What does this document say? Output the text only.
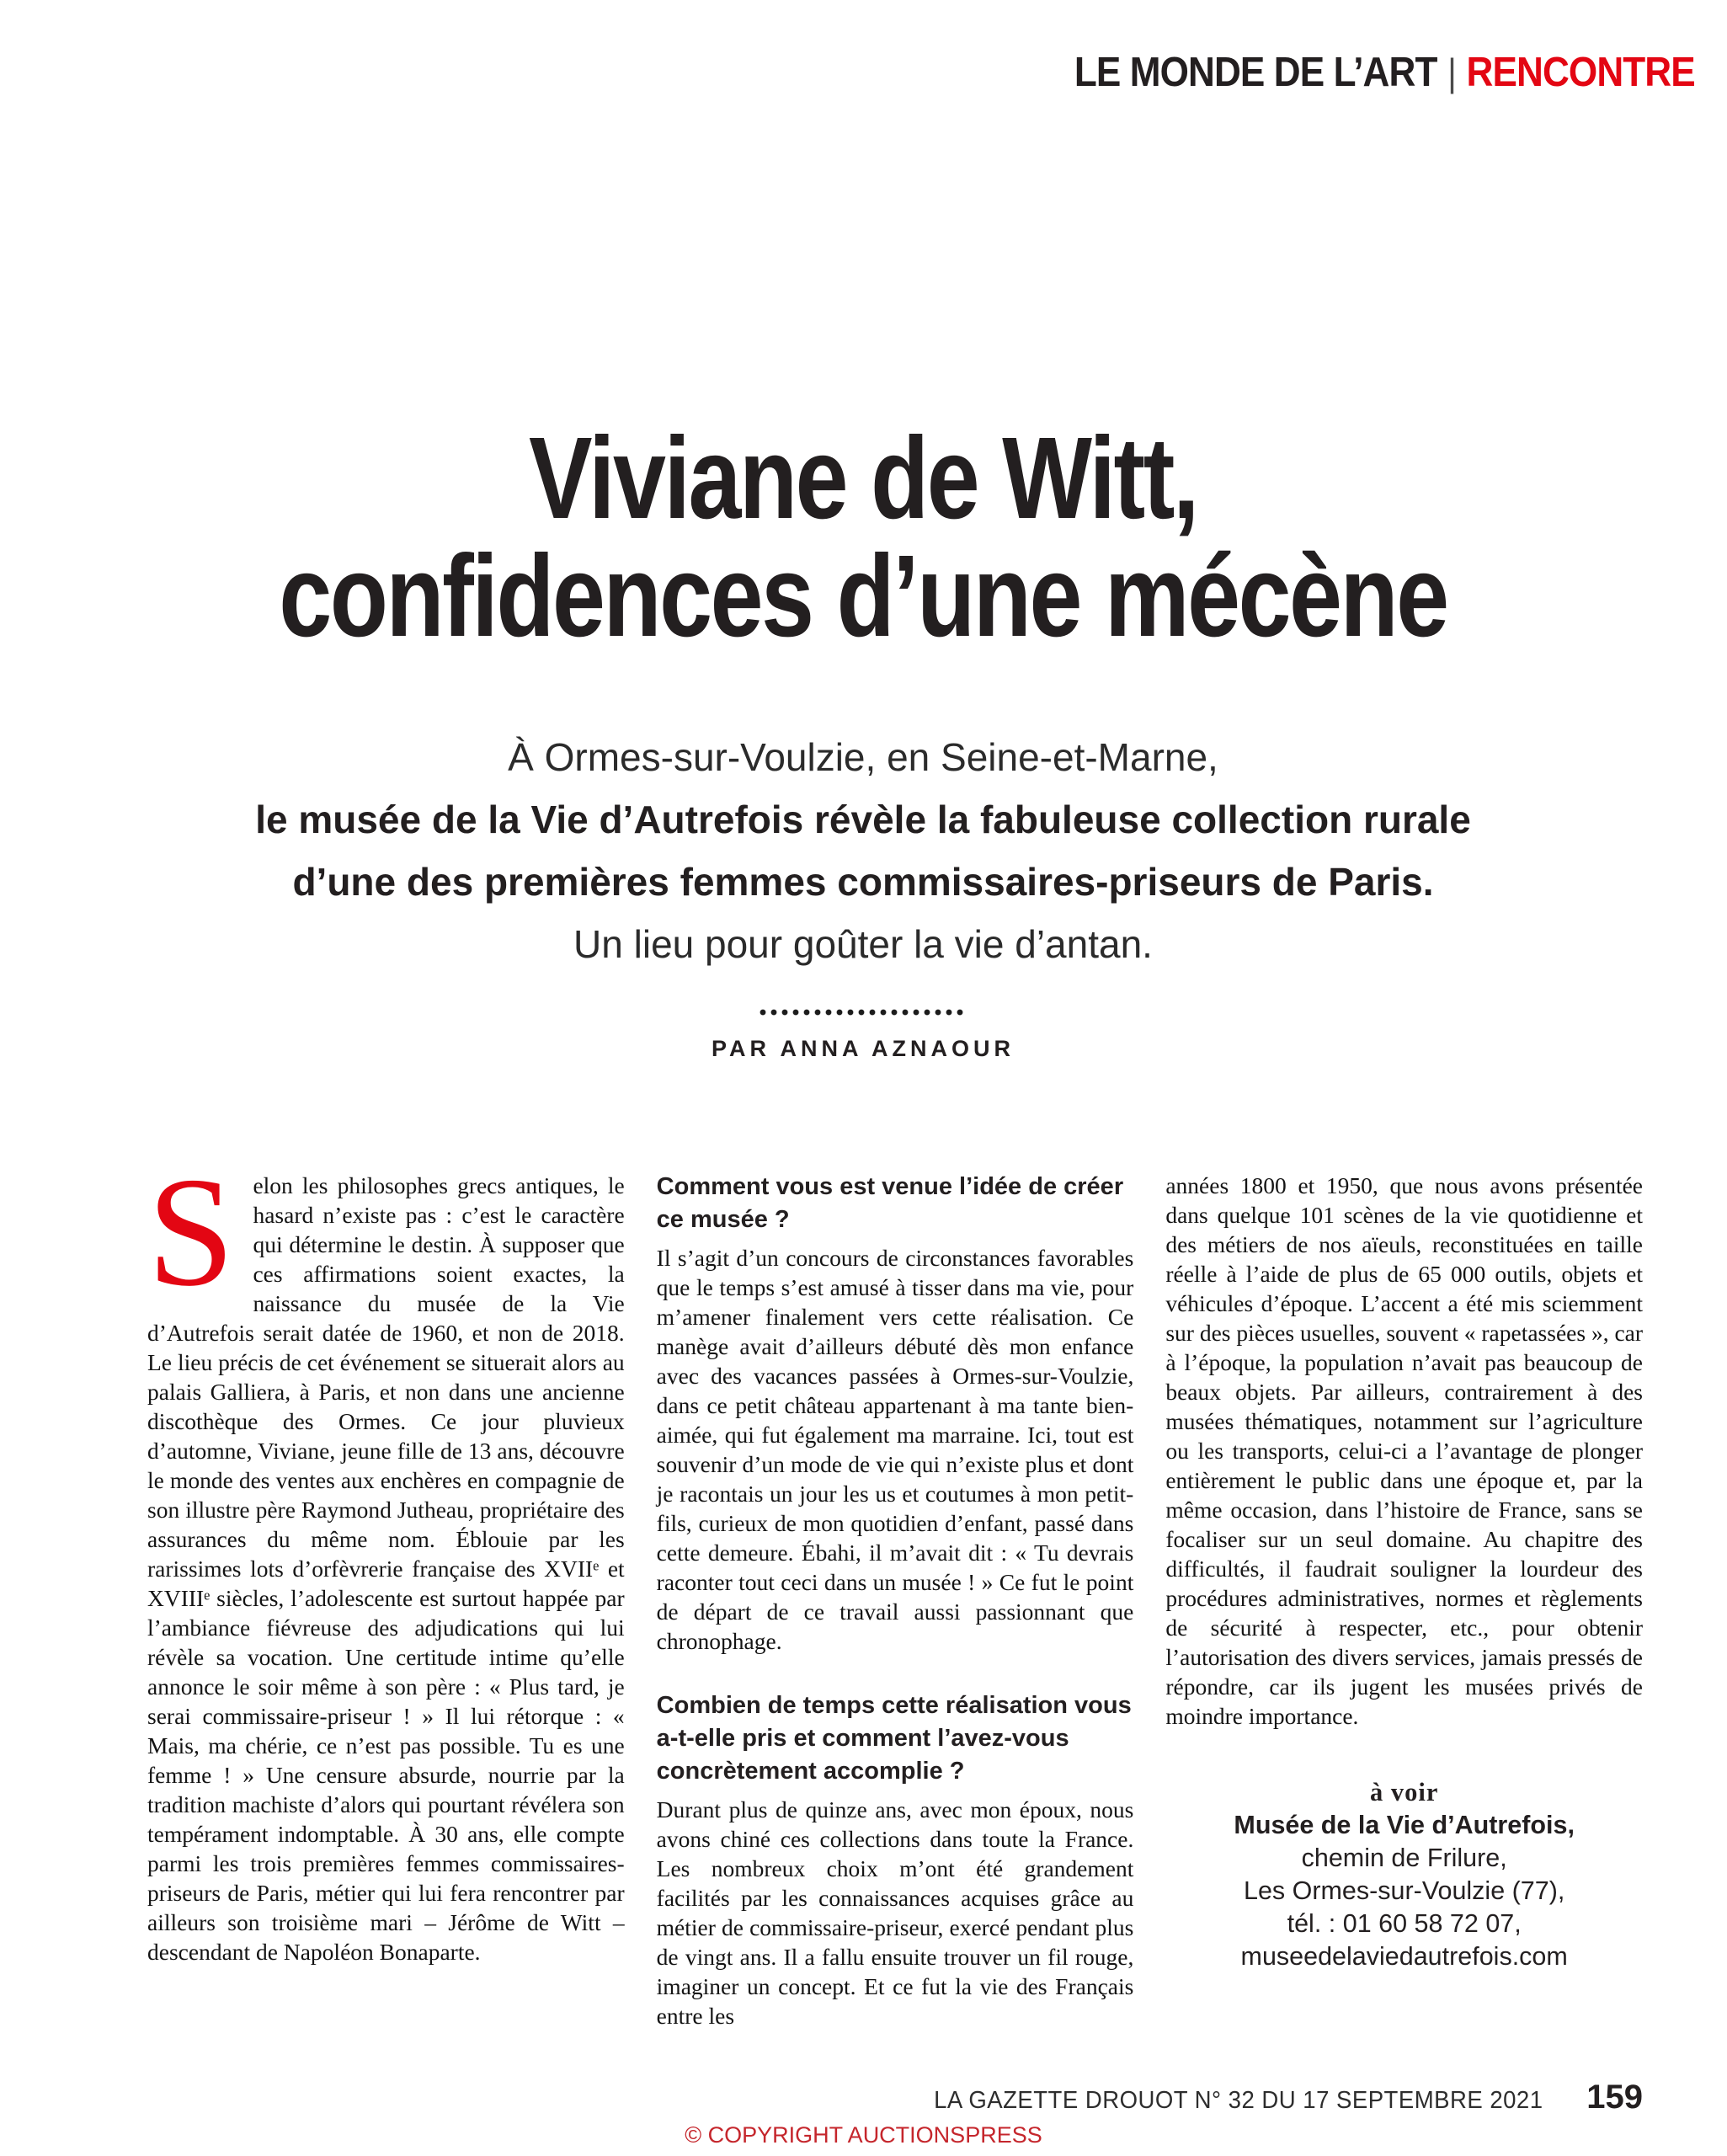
LE MONDE DE L’ART | RENCONTRE
Viviane de Witt,
confidences d’une mécène

À Ormes-sur-Voulzie, en Seine-et-Marne,

le musée de la Vie d’Autrefois révèle la fabuleuse collection rurale

d’une des premières femmes commissaires-priseurs de Paris.

Un lieu pour goûter la vie d’antan.

PAR ANNA AZNAOUR

Selon les philosophes grecs antiques, le hasard n’existe pas : c’est le caractère qui détermine le destin. À supposer que ces affirmations soient exactes, la naissance du musée de la Vie d’Autrefois serait datée de 1960, et non de 2018. Le lieu précis de cet événement se situerait alors au palais Galliera, à Paris, et non dans une ancienne discothèque des Ormes. Ce jour pluvieux d’automne, Viviane, jeune fille de 13 ans, découvre le monde des ventes aux enchères en compagnie de son illustre père Raymond Jutheau, propriétaire des assurances du même nom. Éblouie par les rarissimes lots d’orfèvrerie française des XVIIᵉ et XVIIIᵉ siècles, l’adolescente est surtout happée par l’ambiance fiévreuse des adjudications qui lui révèle sa vocation. Une certitude intime qu’elle annonce le soir même à son père : « Plus tard, je serai commissaire-priseur ! » Il lui rétorque : « Mais, ma chérie, ce n’est pas possible. Tu es une femme ! » Une censure absurde, nourrie par la tradition machiste d’alors qui pourtant révélera son tempérament indomptable. À 30 ans, elle compte parmi les trois premières femmes commissaires-priseurs de Paris, métier qui lui fera rencontrer par ailleurs son troisième mari – Jérôme de Witt – descendant de Napoléon Bonaparte.

Comment vous est venue l’idée de créer ce musée ?

Il s’agit d’un concours de circonstances favorables que le temps s’est amusé à tisser dans ma vie, pour m’amener finalement vers cette réalisation. Ce manège avait d’ailleurs débuté dès mon enfance avec des vacances passées à Ormes-sur-Voulzie, dans ce petit château appartenant à ma tante bien-aimée, qui fut également ma marraine. Ici, tout est souvenir d’un mode de vie qui n’existe plus et dont je racontais un jour les us et coutumes à mon petit-fils, curieux de mon quotidien d’enfant, passé dans cette demeure. Ébahi, il m’avait dit : « Tu devrais raconter tout ceci dans un musée ! » Ce fut le point de départ de ce travail aussi passionnant que chronophage.

Combien de temps cette réalisation vous a-t-elle pris et comment l’avez-vous concrètement accomplie ?

Durant plus de quinze ans, avec mon époux, nous avons chiné ces collections dans toute la France. Les nombreux choix m’ont été grandement facilités par les connaissances acquises grâce au métier de commissaire-priseur, exercé pendant plus de vingt ans. Il a fallu ensuite trouver un fil rouge, imaginer un concept. Et ce fut la vie des Français entre les

années 1800 et 1950, que nous avons présentée dans quelque 101 scènes de la vie quotidienne et des métiers de nos aïeuls, reconstituées en taille réelle à l’aide de plus de 65 000 outils, objets et véhicules d’époque. L’accent a été mis sciemment sur des pièces usuelles, souvent « rapetassées », car à l’époque, la population n’avait pas beaucoup de beaux objets. Par ailleurs, contrairement à des musées thématiques, notamment sur l’agriculture ou les transports, celui-ci a l’avantage de plonger entièrement le public dans une époque et, par la même occasion, dans l’histoire de France, sans se focaliser sur un seul domaine. Au chapitre des difficultés, il faudrait souligner la lourdeur des procédures administratives, normes et règlements de sécurité à respecter, etc., pour obtenir l’autorisation des divers services, jamais pressés de répondre, car ils jugent les musées privés de moindre importance.

à voir

Musée de la Vie d’Autrefois,

chemin de Frilure,

Les Ormes-sur-Voulzie (77),

tél. : 01 60 58 72 07,

museedelaviedautrefois.com

LA GAZETTE DROUOT N° 32 DU 17 SEPTEMBRE 2021 159
© COPYRIGHT AUCTIONSPRESS
